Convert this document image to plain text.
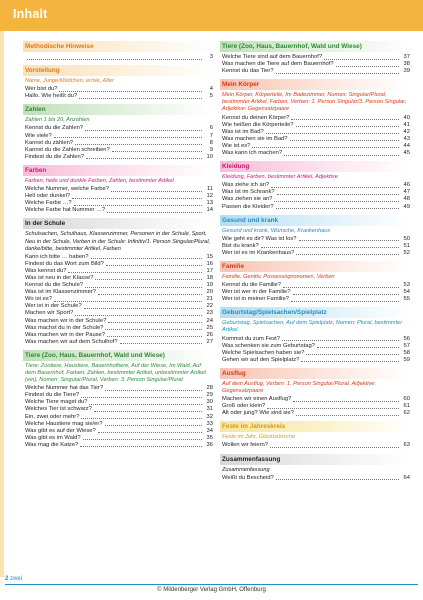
Inhalt
Methodische Hinweise
3
Vorstellung
Name, Junge/Mädchen, er/sie, Alter
Wer bist du?	4
Hallo. Wie heißt du?	5
Zahlen
Zahlen 1 bis 20, Anzahlen
Kennst du die Zahlen?	6
Wie viele?	7
Kannst du zählen?	8
Kannst du die Zahlen schreiben?	9
Findest du die Zahlen?	10
Farben
Farben, helle und dunkle Farben, Zahlen, bestimmter Artikel
Welche Nummer, welche Farbe?	11
Hell oder dunkel?	12
Welche Farbe …?	13
Welche Farbe hat Nummer …?	14
In der Schule
Schulsachen, Schulhaus, Klassenzimmer, Personen in der Schule, Sport, Neu in der Schule, Verben in der Schule: Infinitiv/1. Person Singular/Plural, danke/bitte, bestimmter Artikel, Farben
Kann ich bitte … haben?	15
Findest du das Wort zum Bild?	16
Was kennst du?	17
Was ist neu in der Klasse?	18
Kennst du die Schule?	19
Was ist im Klassenzimmer?	20
Wo ist es?	21
Wer ist in der Schule?	22
Machen wir Sport?	23
Was machen wir in der Schule?	24
Was machst du in der Schule?	25
Was machen wir in der Pause?	26
Was machen wir auf dem Schulhof?	27
Tiere (Zoo, Haus, Bauernhof, Wald und Wiese)
Tiere: Zootiere, Haustiere, Bauernhoftiere, Auf der Wiese, Im Wald, Auf dem Bauernhof, Farben, Zahlen, bestimmter Artikel, unbestimmter Artikel (ein), Nomen: Singular/Plural, Verben: 3. Person Singular/Plural
Welche Nummer hat das Tier?	28
Findest du die Tiere?	29
Welche Tiere magst du?	30
Welches Tier ist schwarz?	31
Ein, zwei oder mehr?	32
Welche Haustiere mag sie/er?	33
Was gibt es auf der Wiese?	34
Was gibt es im Wald?	35
Was mag die Katze?	36
Tiere (Zoo, Haus, Bauernhof, Wald und Wiese)
Welche Tiere sind auf dem Bauernhof?	37
Was machen die Tiere auf dem Bauernhof?	38
Kennst du das Tier?	39
Mein Körper
Mein Körper, Körperteile, Im Badezimmer, Nomen: Singular/Plural, bestimmter Artikel, Farben, Verben: 1. Person Singular/3. Person Singular, Adjektive: Gegensatzpaare
Kennst du deinen Körper?	40
Wie heißen die Körperteile?	41
Was ist im Bad?	42
Was machen sie im Bad?	43
Wie ist es?	44
Was kann ich machen?	45
Kleidung
Kleidung, Farben, bestimmter Artikel, Adjektive
Was ziehe ich an?	46
Was ist im Schrank?	47
Was ziehen sie an?	48
Passen die Kleider?	49
Gesund und krank
Gesund und krank, Wünsche, Krankenhaus
Wie geht es dir? Was ist los?	50
Bist du krank?	51
Wer ist es im Krankenhaus?	52
Familie
Familie, Genitiv, Possessivpronomen, Verben
Kennst du die Familie?	53
Wer ist wer in der Familie?	54
Wer ist in meiner Familie?	55
Geburtstag/Spielsachen/Spielplatz
Geburtstag, Spielsachen, Auf dem Spielplatz, Nomen: Plural, bestimmter Artikel
Kommst du zum Fest?	56
Was schenken sie zum Geburtstag?	57
Welche Spielsachen haben sie?	58
Gehen wir auf den Spielplatz?	59
Ausflug
Auf dem Ausflug, Verben: 1. Person Singular/Plural, Adjektive: Gegensatzpaare
Machen wir einen Ausflug?	60
Groß oder klein?	61
Alt oder jung? Wie sind sie?	62
Feste im Jahreskreis
Feste im Jahr, Glückwünsche
Wollen wir feiern?	63
Zusammenfassung
Zusammenfassung
Weißt du Bescheid?	64
2 zwei
© Mildenberger Verlag GmbH, Offenburg
